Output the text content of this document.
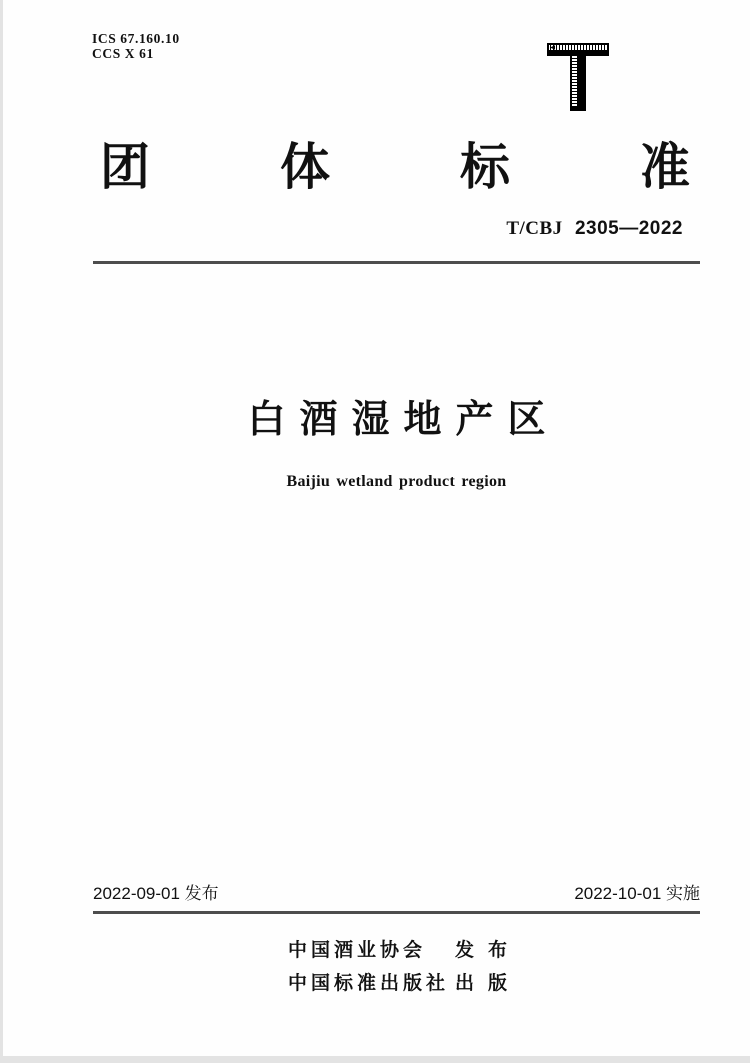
ICS 67.160.10
CCS X 61
团	体	标	准
T/CBJ 2305—2022
白酒湿地产区
Baijiu wetland product region
2022-09-01 发布	2022-10-01 实施
中国酒业协会	发布
中国标准出版社 出版
